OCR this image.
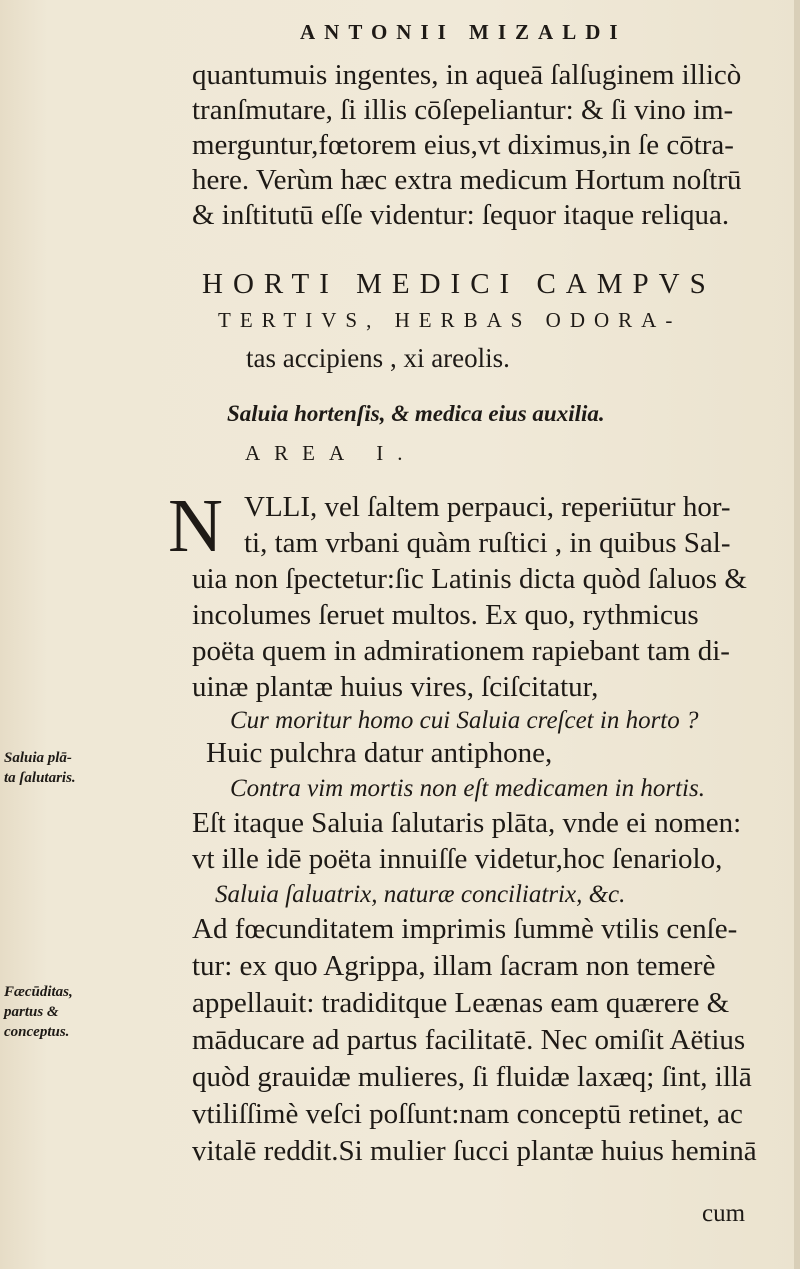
ANTONII MIZALDI
quantumuis ingentes, in aqueā ſalſuginem illicò
tranſmutare, ſi illis cōſepeliantur: & ſi vino im-
merguntur,fœtorem eius,vt diximus,in ſe cōtra-
here. Verùm hæc extra medicum Hortum noſtrū
& inſtitutū eſſe videntur: ſequor itaque reliqua.
HORTI MEDICI CAMPVS
TERTIVS, HERBAS ODORA-
tas accipiens , xi areolis.
Saluia hortenſis, & medica eius auxilia.
AREA I.
N VLLI, vel ſaltem perpauci, reperiūtur hor-
ti, tam vrbani quàm ruſtici , in quibus Sal-
uia non ſpectetur:ſic Latinis dicta quòd ſaluos &
incolumes ſeruet multos. Ex quo, rythmicus
poëta quem in admirationem rapiebant tam di-
uinæ plantæ huius vires, ſciſcitatur,
Cur moritur homo cui Saluia creſcet in horto ?
Huic pulchra datur antiphone,
Contra vim mortis non eſt medicamen in hortis.
Eſt itaque Saluia ſalutaris plāta, vnde ei nomen:
vt ille idē poëta innuiſſe videtur,hoc ſenariolo,
Saluia ſaluatrix, naturæ conciliatrix, &c.
Ad fœcunditatem imprimis ſummè vtilis cenſe-
tur: ex quo Agrippa, illam ſacram non temerè
appellauit: tradiditque Leænas eam quærere &
māducare ad partus facilitatē. Nec omiſit Aëtius
quòd grauidæ mulieres, ſi fluidæ laxæq; ſint, illā
vtiliſſimè veſci poſſunt:nam conceptū retinet, ac
vitalē reddit.Si mulier ſucci plantæ huius heminā
cum
Saluia plā-
ta ſalutaris.
Fæcūditas,
partus &
conceptus.
